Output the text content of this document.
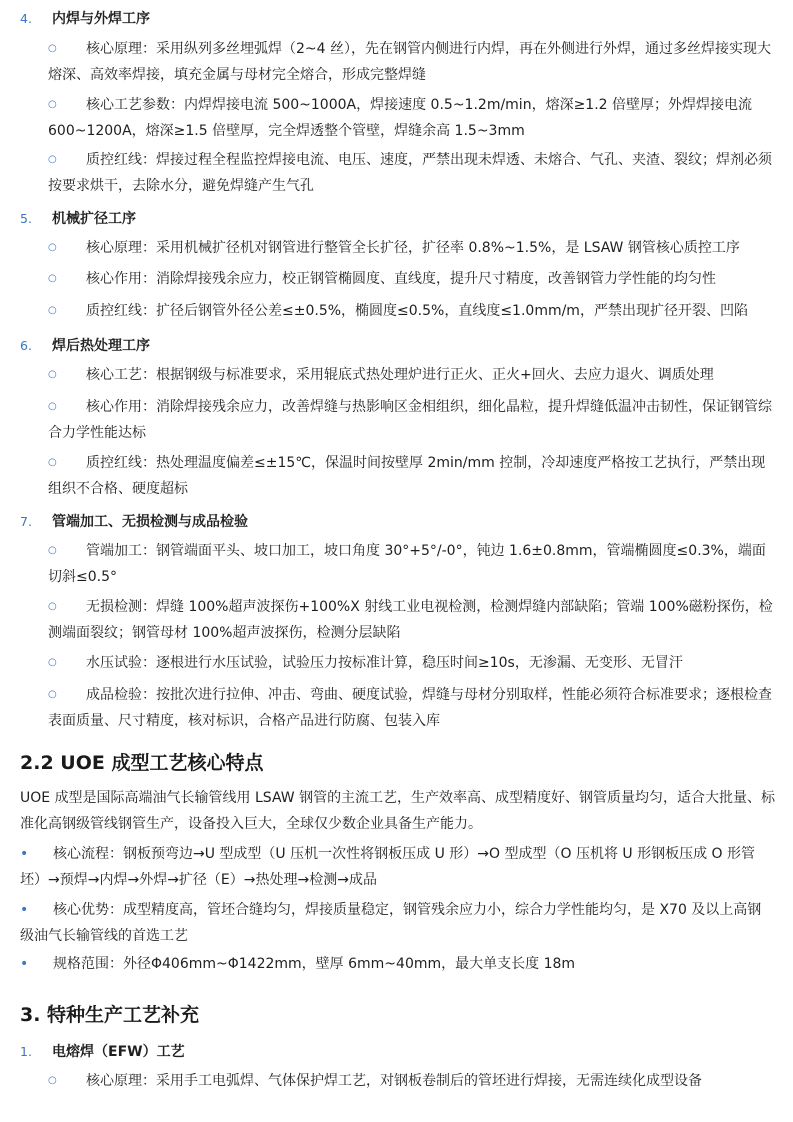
4.	内焊与外焊工序
○ 核心原理：采用纵列多丝埋弧焊（2~4 丝），先在钢管内侧进行内焊，再在外侧进行外焊，通过多丝焊接实现大熔深、高效率焊接，填充金属与母材完全熔合，形成完整焊缝
○ 核心工艺参数：内焊焊接电流 500~1000A，焊接速度 0.5~1.2m/min，熔深≥1.2 倍壁厚；外焊焊接电流 600~1200A，熔深≥1.5 倍壁厚，完全焊透整个管壁，焊缝余高 1.5~3mm
○ 质控红线：焊接过程全程监控焊接电流、电压、速度，严禁出现未焊透、未熔合、气孔、夹渣、裂纹；焊剂必须按要求烘干，去除水分，避免焊缝产生气孔
5.	机械扩径工序
○ 核心原理：采用机械扩径机对钢管进行整管全长扩径，扩径率 0.8%~1.5%，是 LSAW 钢管核心质控工序
○ 核心作用：消除焊接残余应力，校正钢管椭圆度、直线度，提升尺寸精度，改善钢管力学性能的均匀性
○ 质控红线：扩径后钢管外径公差≤±0.5%，椭圆度≤0.5%，直线度≤1.0mm/m，严禁出现扩径开裂、凹陷
6.	焊后热处理工序
○ 核心工艺：根据钢级与标准要求，采用辊底式热处理炉进行正火、正火+回火、去应力退火、调质处理
○ 核心作用：消除焊接残余应力，改善焊缝与热影响区金相组织，细化晶粒，提升焊缝低温冲击韧性，保证钢管综合力学性能达标
○ 质控红线：热处理温度偏差≤±15℃，保温时间按壁厚 2min/mm 控制，冷却速度严格按工艺执行，严禁出现组织不合格、硬度超标
7.	管端加工、无损检测与成品检验
○ 管端加工：钢管端面平头、坡口加工，坡口角度 30°+5°/-0°，钝边 1.6±0.8mm，管端椭圆度≤0.3%，端面切斜≤0.5°
○ 无损检测：焊缝 100%超声波探伤+100%X 射线工业电视检测，检测焊缝内部缺陷；管端 100%磁粉探伤，检测端面裂纹；钢管母材 100%超声波探伤，检测分层缺陷
○ 水压试验：逐根进行水压试验，试验压力按标准计算，稳压时间≥10s，无渗漏、无变形、无冒汗
○ 成品检验：按批次进行拉伸、冲击、弯曲、硬度试验，焊缝与母材分别取样，性能必须符合标准要求；逐根检查表面质量、尺寸精度，核对标识，合格产品进行防腐、包装入库
2.2 UOE 成型工艺核心特点
UOE 成型是国际高端油气长输管线用 LSAW 钢管的主流工艺，生产效率高、成型精度好、钢管质量均匀，适合大批量、标准化高钢级管线钢管生产，设备投入巨大，全球仅少数企业具备生产能力。
• 核心流程：钢板预弯边→U 型成型（U 压机一次性将钢板压成 U 形）→O 型成型（O 压机将 U 形钢板压成 O 形管坯）→预焊→内焊→外焊→扩径（E）→热处理→检测→成品
• 核心优势：成型精度高，管坯合缝均匀，焊接质量稳定，钢管残余应力小，综合力学性能均匀，是 X70 及以上高钢级油气长输管线的首选工艺
• 规格范围：外径Φ406mm~Φ1422mm，壁厚 6mm~40mm，最大单支长度 18m
3. 特种生产工艺补充
1.	电熔焊（EFW）工艺
○ 核心原理：采用手工电弧焊、气体保护焊工艺，对钢板卷制后的管坯进行焊接，无需连续化成型设备
